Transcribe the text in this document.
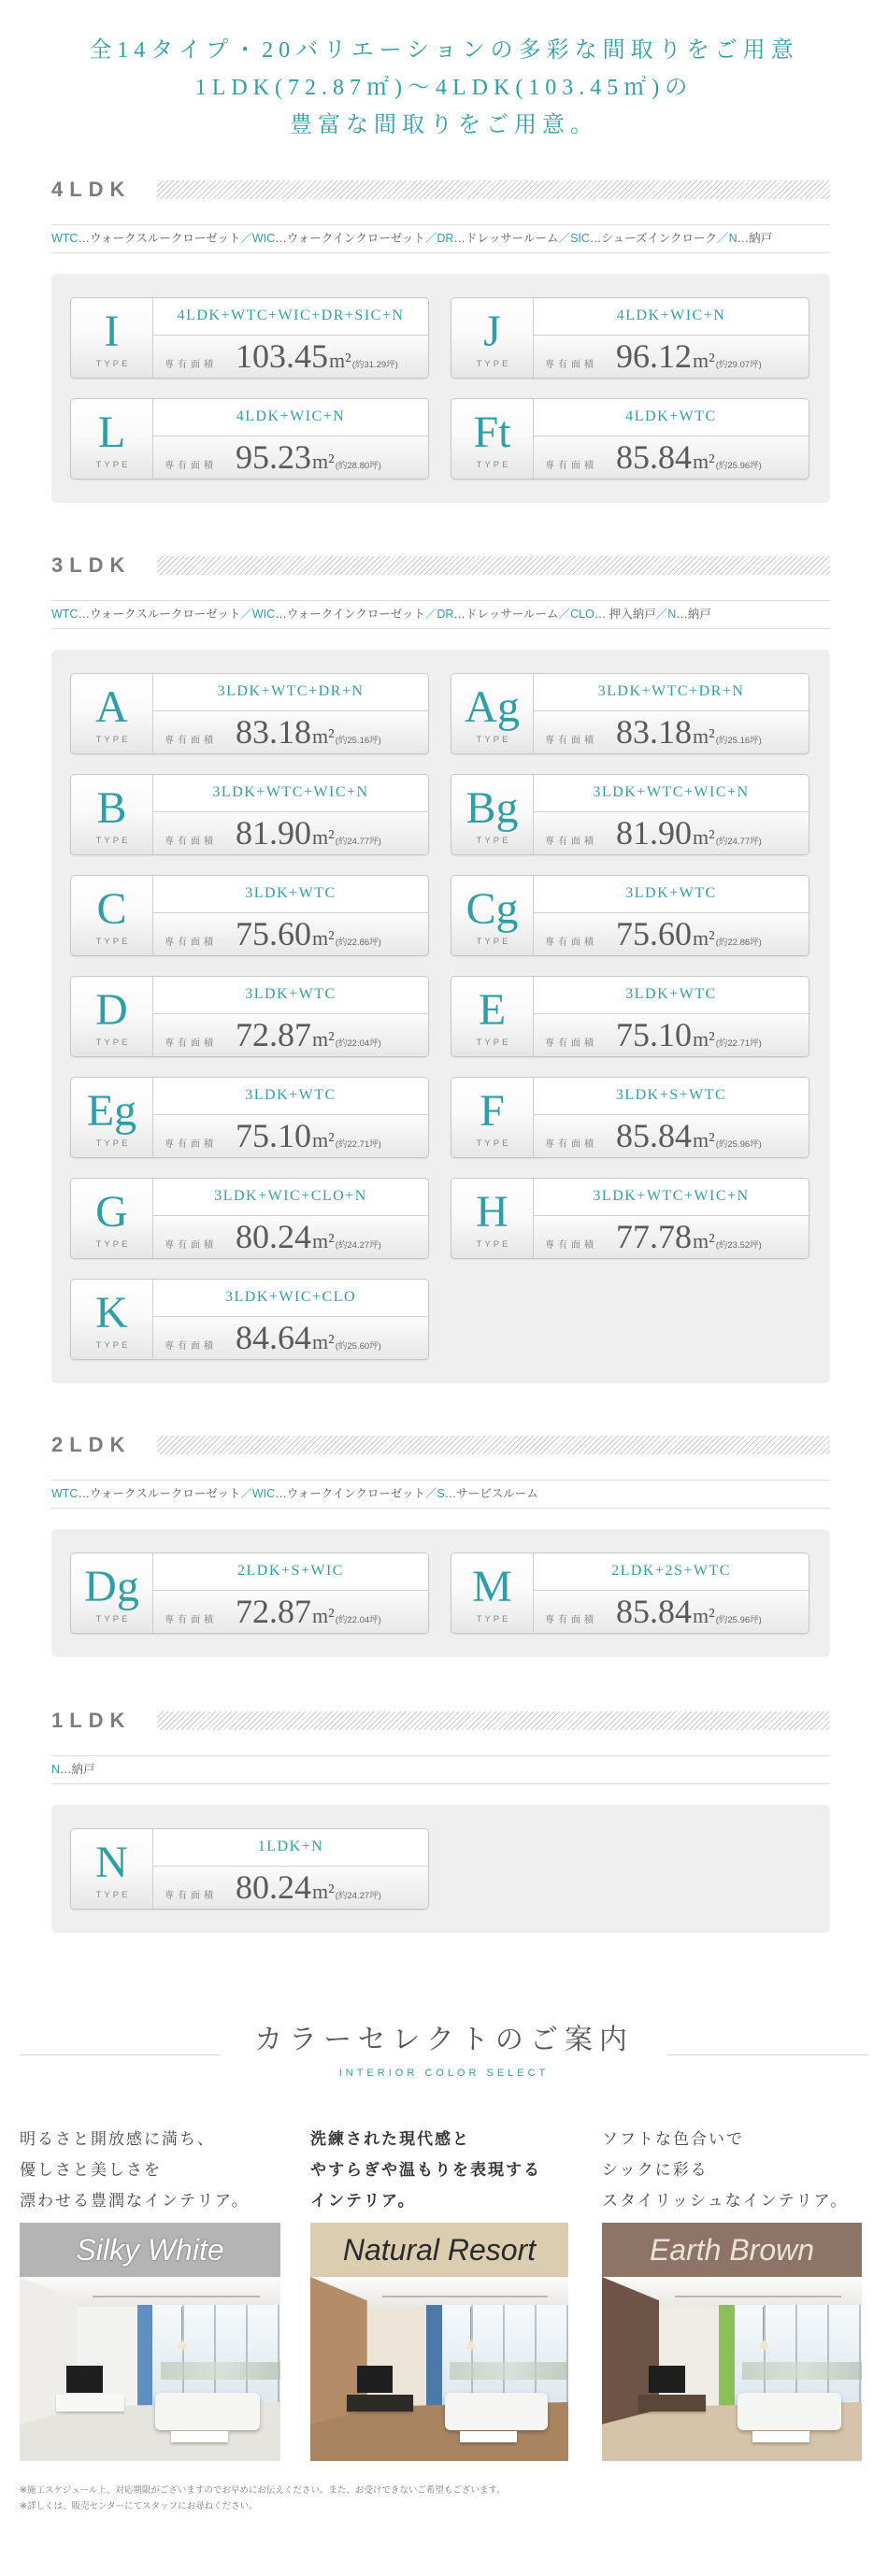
全14タイプ・20バリエーションの多彩な間取りをご用意
1LDK(72.87㎡)〜4LDK(103.45㎡)の
豊富な間取りをご用意。
4LDK
WTC…ウォークスルークローゼット／WIC…ウォークインクローゼット／DR…ドレッサールーム／SIC…シューズインクローク／N…納戸
I
TYPE
4LDK+WTC+WIC+DR+SIC+N
専有面積 103.45 m² (約31.29坪)
J
TYPE
4LDK+WIC+N
専有面積 96.12 m² (約29.07坪)
L
TYPE
4LDK+WIC+N
専有面積 95.23 m² (約28.80坪)
Ft
TYPE
4LDK+WTC
専有面積 85.84 m² (約25.96坪)
3LDK
WTC…ウォークスルークローゼット／WIC…ウォークインクローゼット／DR…ドレッサールーム／CLO… 押入納戸／N…納戸
A
TYPE
3LDK+WTC+DR+N
専有面積 83.18 m² (約25.16坪)
Ag
TYPE
3LDK+WTC+DR+N
専有面積 83.18 m² (約25.16坪)
B
TYPE
3LDK+WTC+WIC+N
専有面積 81.90 m² (約24.77坪)
Bg
TYPE
3LDK+WTC+WIC+N
専有面積 81.90 m² (約24.77坪)
C
TYPE
3LDK+WTC
専有面積 75.60 m² (約22.86坪)
Cg
TYPE
3LDK+WTC
専有面積 75.60 m² (約22.86坪)
D
TYPE
3LDK+WTC
専有面積 72.87 m² (約22.04坪)
E
TYPE
3LDK+WTC
専有面積 75.10 m² (約22.71坪)
Eg
TYPE
3LDK+WTC
専有面積 75.10 m² (約22.71坪)
F
TYPE
3LDK+S+WTC
専有面積 85.84 m² (約25.96坪)
G
TYPE
3LDK+WIC+CLO+N
専有面積 80.24 m² (約24.27坪)
H
TYPE
3LDK+WTC+WIC+N
専有面積 77.78 m² (約23.52坪)
K
TYPE
3LDK+WIC+CLO
専有面積 84.64 m² (約25.60坪)
2LDK
WTC…ウォークスルークローゼット／WIC…ウォークインクローゼット／S…サービスルーム
Dg
TYPE
2LDK+S+WIC
専有面積 72.87 m² (約22.04坪)
M
TYPE
2LDK+2S+WTC
専有面積 85.84 m² (約25.96坪)
1LDK
N…納戸
N
TYPE
1LDK+N
専有面積 80.24 m² (約24.27坪)
カラーセレクトのご案内
INTERIOR COLOR SELECT
明るさと開放感に満ち、
優しさと美しさを
漂わせる豊潤なインテリア。
Silky White
洗練された現代感と
やすらぎや温もりを表現する
インテリア。
Natural Resort
ソフトな色合いで
シックに彩る
スタイリッシュなインテリア。
Earth Brown
※施工スケジュール上、対応期限がございますのでお早めにお伝えください。また、お受けできないご希望もございます。
※詳しくは、販売センターにてスタッフにお尋ねください。
